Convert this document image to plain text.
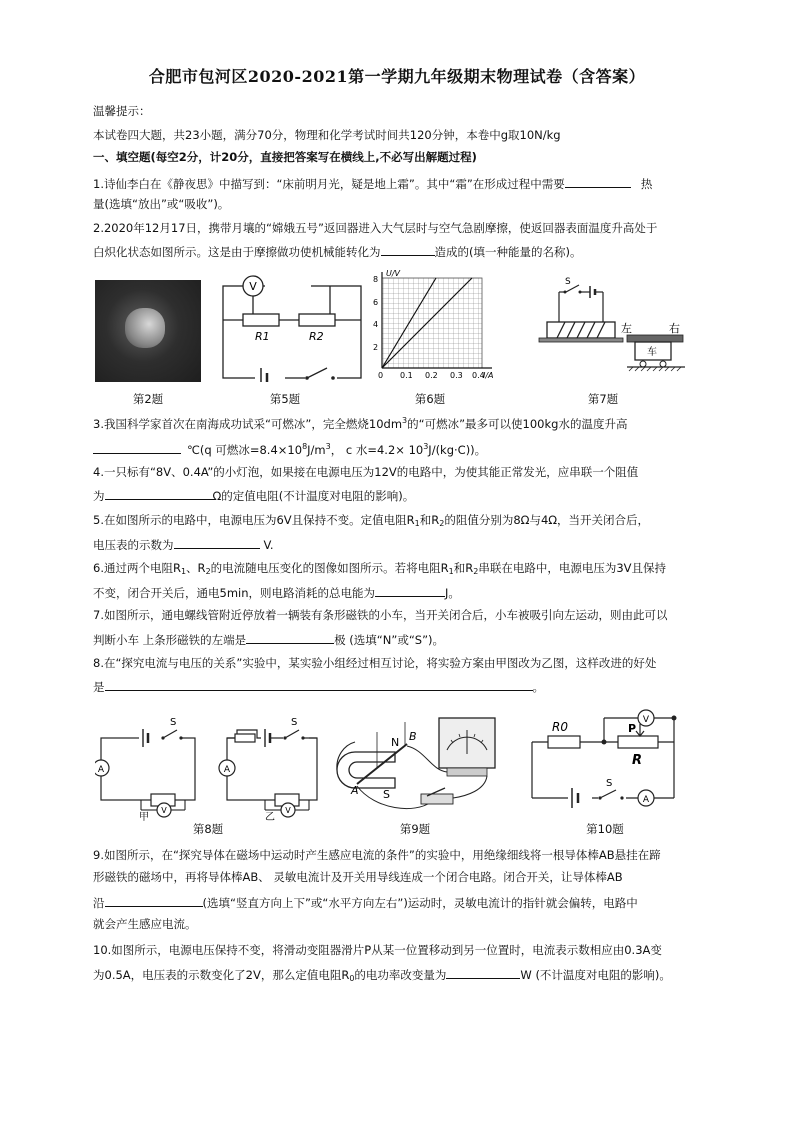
合肥市包河区2020-2021第一学期九年级期末物理试卷（含答案）
温馨提示：
本试卷四大题，共23小题，满分70分，物理和化学考试时间共120分钟，本卷中g取10N/kg
一、填空题(每空2分，计20分，直接把答案写在横线上,不必写出解题过程)
1.诗仙李白在《静夜思》中描写到：“床前明月光，疑是地上霜”。其中“霜”在形成过程中需要	热
量(选填“放出”或“吸收”)。
2.2020年12月17日，携带月壤的“嫦娥五号”返回器进入大气层时与空气急剧摩擦，使返回器表面温度升高处于
白炽化状态如图所示。这是由于摩擦做功使机械能转化为	造成的(填一种能量的名称)。
V
R1	R2
U/V
8
6
4
2
0 0.1 0.2 0.3 0.4
I/A
S
左	右
车
第2题	第5题	第6题	第7题
3.我国科学家首次在南海成功试采“可燃冰”，完全燃烧$10dm^3$的“可燃冰”最多可以使100kg水的温度升高
℃(q 可燃冰$=8.4\times 10^8J/m^3$， c 水$=4.2\times 10^3J/(kg\cdot C)$)。
4.一只标有“8V、0.4A”的小灯泡，如果接在电源电压为12V的电路中，为使其能正常发光，应串联一个阻值
为	Ω的定值电阻(不计温度对电阻的影响)。
5.在如图所示的电路中，电源电压为6V且保持不变。定值电阻$R_1$和$R_2$的阻值分别为8Ω与4Ω，当开关闭合后，
电压表的示数为	V.
6.通过两个电阻$R_1$、$R_2$的电流随电压变化的图像如图所示。若将电阻$R_1$和$R_2$串联在电路中，电源电压为3V且保持
不变，闭合开关后，通电5min，则电路消耗的总电能为	J。
7.如图所示，通电螺线管附近停放着一辆装有条形磁铁的小车，当开关闭合后，小车被吸引向左运动，则由此可以
判断小车 上条形磁铁的左端是	极 (选填“N”或“S”)。
8.在“探究电流与电压的关系”实验中，某实验小组经过相互讨论，将实验方案由甲图改为乙图，这样改进的好处
是	。
S
A
V
甲
S
A
V
乙
N
S
A
B
R0	V
P
R
S
A
第8题	第9题	第10题
9.如图所示，在“探究导体在磁场中运动时产生感应电流的条件”的实验中，用绝缘细线将一根导体棒AB悬挂在蹄
形磁铁的磁场中，再将导体棒AB、 灵敏电流计及开关用导线连成一个闭合电路。闭合开关，让导体棒AB
沿	(选填“竖直方向上下”或“水平方向左右”)运动时，灵敏电流计的指针就会偏转，电路中
就会产生感应电流。
10.如图所示，电源电压保持不变，将滑动变阻器滑片P从某一位置移动到另一位置时，电流表示数相应由0.3A变
为0.5A，电压表的示数变化了2V，那么定值电阻$R_0$的电功率改变量为	W (不计温度对电阻的影响)。
